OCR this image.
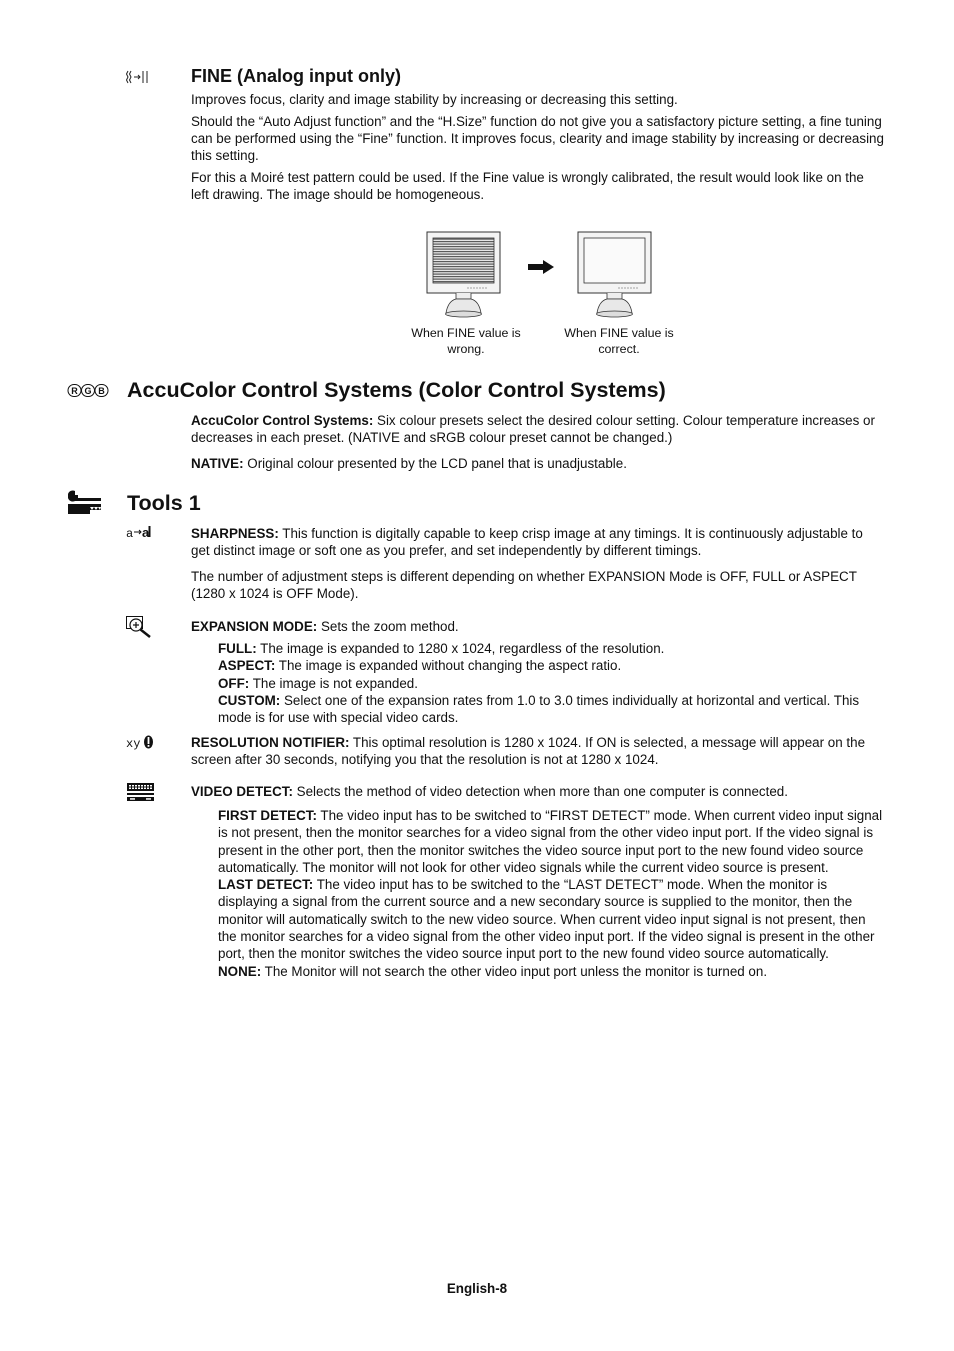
FINE (Analog input only)

Improves focus, clarity and image stability by increasing or decreasing this setting.

Should the “Auto Adjust function” and the “H.Size” function do not give you a satisfactory picture setting, a fine tuning can be performed using the “Fine” function. It improves focus, clearity and image stability by increasing or decreasing this setting.

For this a Moiré test pattern could be used. If the Fine value is wrongly calibrated, the result would look like on the left drawing. The image should be homogeneous.

When FINE value is wrong.
When FINE value is correct.
R G B AccuColor Control Systems (Color Control Systems)

AccuColor Control Systems: Six colour presets select the desired colour setting. Colour temperature increases or decreases in each preset. (NATIVE and sRGB colour preset cannot be changed.)

NATIVE: Original colour presented by the LCD panel that is unadjustable.

Tools 1
a a	SHARPNESS: This function is digitally capable to keep crisp image at any timings. It is continuously adjustable to get distinct image or soft one as you prefer, and set independently by different timings.

The number of adjustment steps is different depending on whether EXPANSION Mode is OFF, FULL or ASPECT (1280 x 1024 is OFF Mode).

EXPANSION MODE: Sets the zoom method.

FULL: The image is expanded to 1280 x 1024, regardless of the resolution.

ASPECT: The image is expanded without changing the aspect ratio.

OFF: The image is not expanded.

CUSTOM: Select one of the expansion rates from 1.0 to 3.0 times individually at horizontal and vertical. This mode is for use with special video cards.

xy	RESOLUTION NOTIFIER: This optimal resolution is 1280 x 1024. If ON is selected, a message will appear on the screen after 30 seconds, notifying you that the resolution is not at 1280 x 1024.

VIDEO DETECT: Selects the method of video detection when more than one computer is connected.

FIRST DETECT: The video input has to be switched to “FIRST DETECT” mode. When current video input signal is not present, then the monitor searches for a video signal from the other video input port. If the video signal is present in the other port, then the monitor switches the video source input port to the new found video source automatically. The monitor will not look for other video signals while the current video source is present.

LAST DETECT: The video input has to be switched to the “LAST DETECT” mode. When the monitor is displaying a signal from the current source and a new secondary source is supplied to the monitor, then the monitor will automatically switch to the new video source. When current video input signal is not present, then the monitor searches for a video signal from the other video input port. If the video signal is present in the other port, then the monitor switches the video source input port to the new found video source automatically.

NONE: The Monitor will not search the other video input port unless the monitor is turned on.

English-8
